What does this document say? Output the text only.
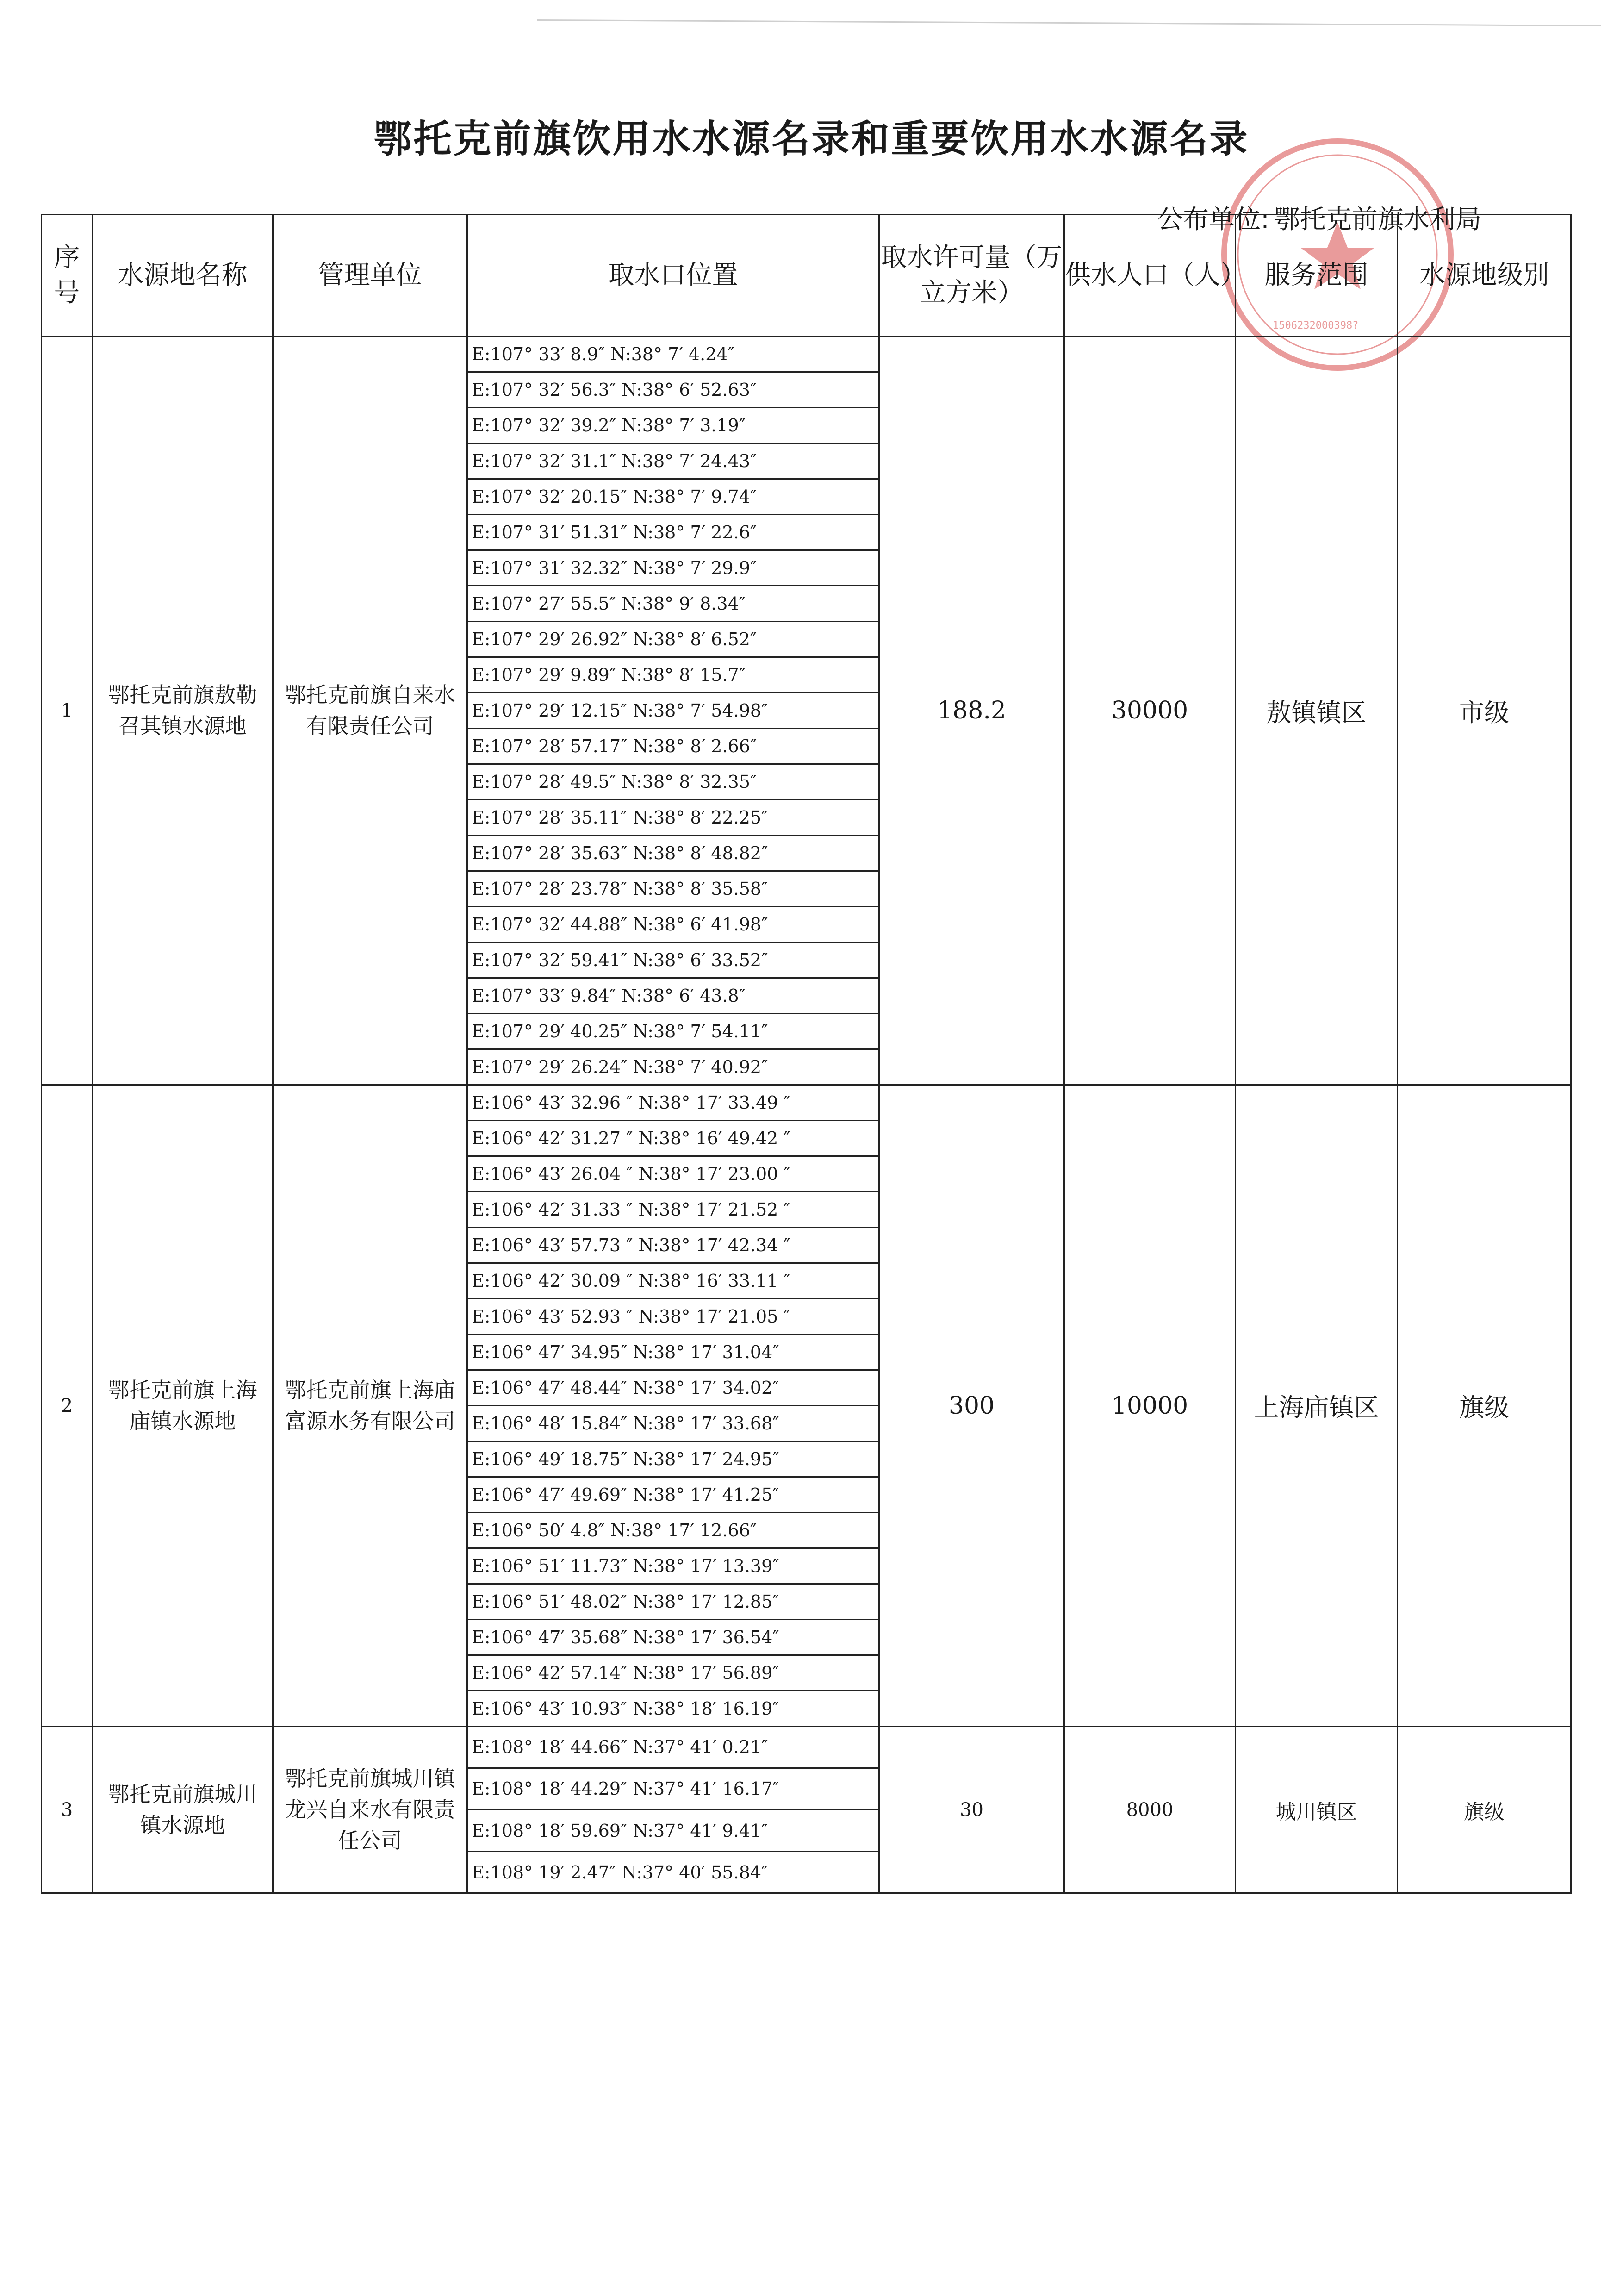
鄂托克前旗饮用水水源名录和重要饮用水水源名录
1506232000398?
公布单位: 鄂托克前旗水利局
序号	水源地名称	管理单位	取水口位置	取水许可量（万立方米）	供水人口（人）	服务范围	水源地级别
1	鄂托克前旗敖勒召其镇水源地	鄂托克前旗自来水有限责任公司	
E:107° 33′ 8.9″ N:38° 7′ 4.24″
E:107° 32′ 56.3″ N:38° 6′ 52.63″
E:107° 32′ 39.2″ N:38° 7′ 3.19″
E:107° 32′ 31.1″ N:38° 7′ 24.43″
E:107° 32′ 20.15″ N:38° 7′ 9.74″
E:107° 31′ 51.31″ N:38° 7′ 22.6″
E:107° 31′ 32.32″ N:38° 7′ 29.9″
E:107° 27′ 55.5″ N:38° 9′ 8.34″
E:107° 29′ 26.92″ N:38° 8′ 6.52″
E:107° 29′ 9.89″ N:38° 8′ 15.7″
E:107° 29′ 12.15″ N:38° 7′ 54.98″
E:107° 28′ 57.17″ N:38° 8′ 2.66″
E:107° 28′ 49.5″ N:38° 8′ 32.35″
E:107° 28′ 35.11″ N:38° 8′ 22.25″
E:107° 28′ 35.63″ N:38° 8′ 48.82″
E:107° 28′ 23.78″ N:38° 8′ 35.58″
E:107° 32′ 44.88″ N:38° 6′ 41.98″
E:107° 32′ 59.41″ N:38° 6′ 33.52″
E:107° 33′ 9.84″ N:38° 6′ 43.8″
E:107° 29′ 40.25″ N:38° 7′ 54.11″
E:107° 29′ 26.24″ N:38° 7′ 40.92″
	188.2	30000	敖镇镇区	市级
2	鄂托克前旗上海庙镇水源地	鄂托克前旗上海庙富源水务有限公司	
E:106° 43′ 32.96 ″ N:38° 17′ 33.49 ″
E:106° 42′ 31.27 ″ N:38° 16′ 49.42 ″
E:106° 43′ 26.04 ″ N:38° 17′ 23.00 ″
E:106° 42′ 31.33 ″ N:38° 17′ 21.52 ″
E:106° 43′ 57.73 ″ N:38° 17′ 42.34 ″
E:106° 42′ 30.09 ″ N:38° 16′ 33.11 ″
E:106° 43′ 52.93 ″ N:38° 17′ 21.05 ″
E:106° 47′ 34.95″ N:38° 17′ 31.04″
E:106° 47′ 48.44″ N:38° 17′ 34.02″
E:106° 48′ 15.84″ N:38° 17′ 33.68″
E:106° 49′ 18.75″ N:38° 17′ 24.95″
E:106° 47′ 49.69″ N:38° 17′ 41.25″
E:106° 50′ 4.8″ N:38° 17′ 12.66″
E:106° 51′ 11.73″ N:38° 17′ 13.39″
E:106° 51′ 48.02″ N:38° 17′ 12.85″
E:106° 47′ 35.68″ N:38° 17′ 36.54″
E:106° 42′ 57.14″ N:38° 17′ 56.89″
E:106° 43′ 10.93″ N:38° 18′ 16.19″
	300	10000	上海庙镇区	旗级
3	鄂托克前旗城川镇水源地	鄂托克前旗城川镇龙兴自来水有限责任公司	
E:108° 18′ 44.66″ N:37° 41′ 0.21″
E:108° 18′ 44.29″ N:37° 41′ 16.17″
E:108° 18′ 59.69″ N:37° 41′ 9.41″
E:108° 19′ 2.47″ N:37° 40′ 55.84″
	30	8000	城川镇区	旗级
